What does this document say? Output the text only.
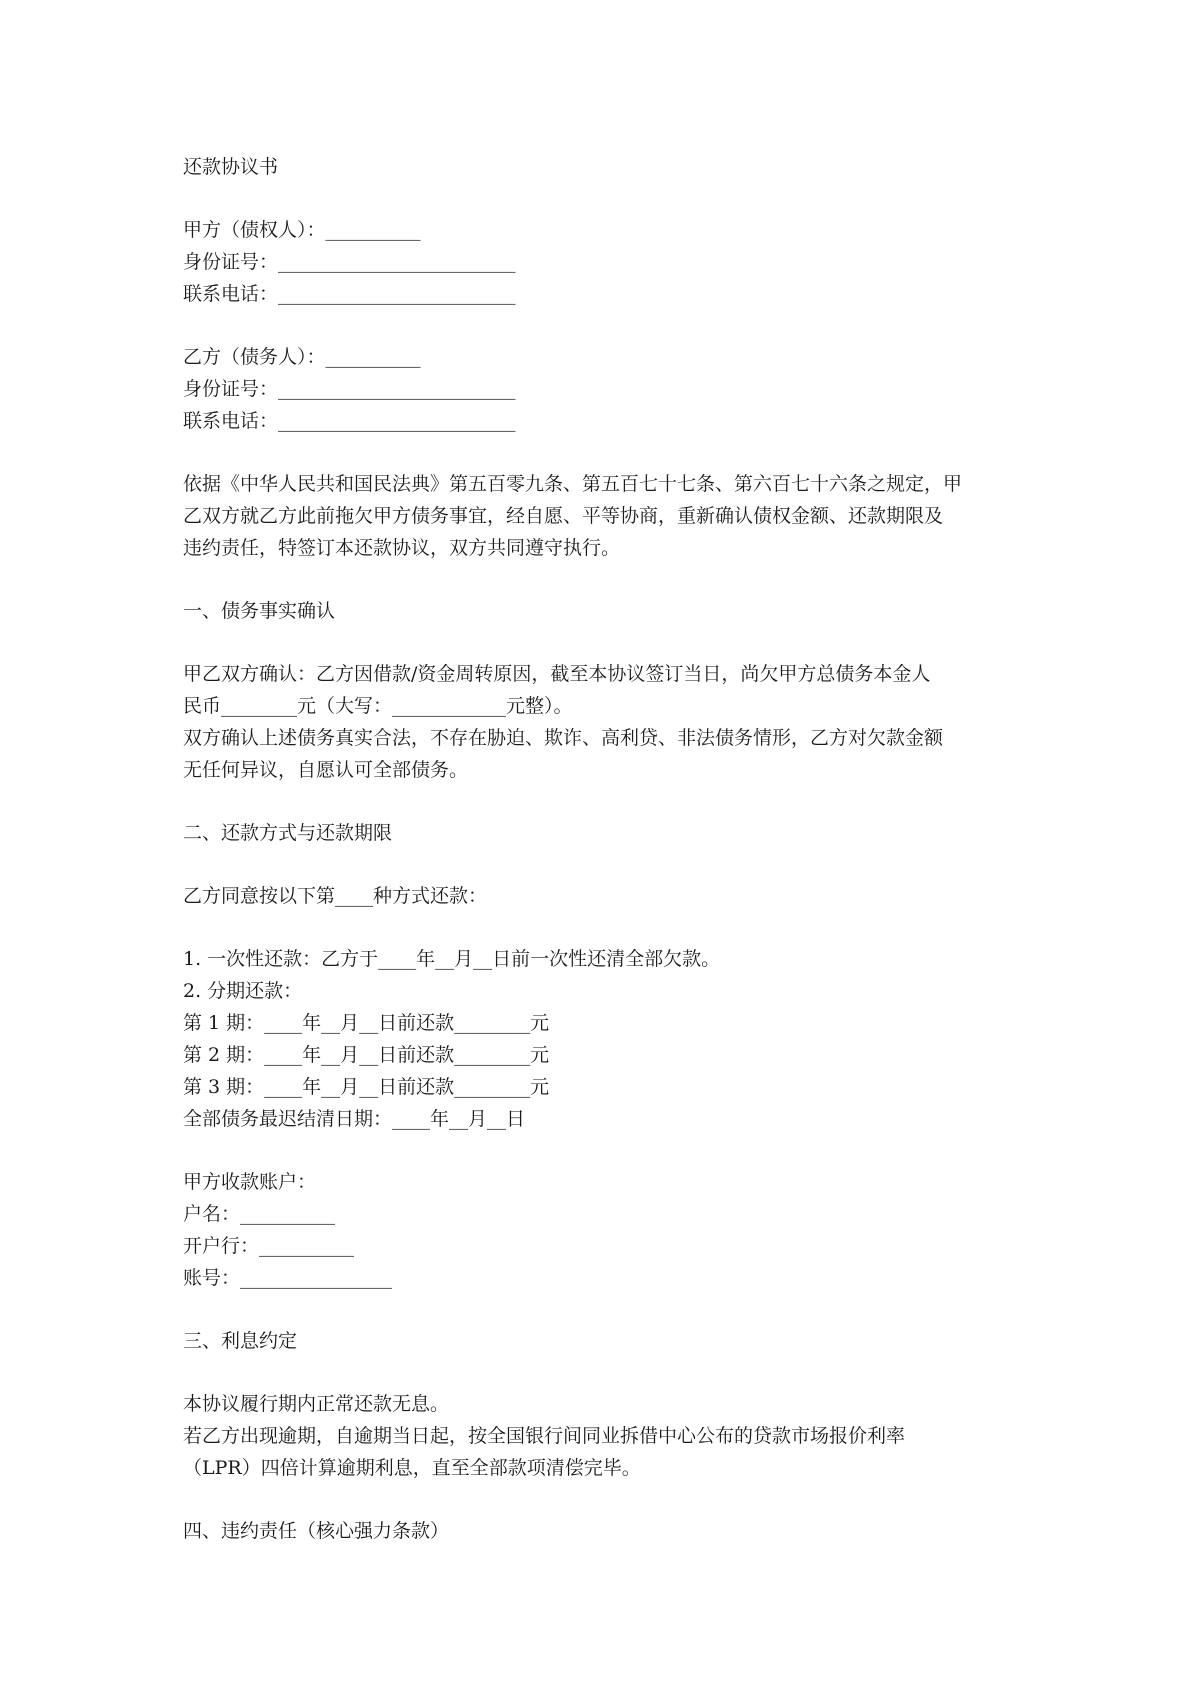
还款协议书
甲方（债权人）：__________
身份证号：_________________________
联系电话：_________________________
乙方（债务人）：__________
身份证号：_________________________
联系电话：_________________________
依据《中华人民共和国民法典》第五百零九条、第五百七十七条、第六百七十六条之规定，甲
乙双方就乙方此前拖欠甲方债务事宜，经自愿、平等协商，重新确认债权金额、还款期限及
违约责任，特签订本还款协议，双方共同遵守执行。
一、债务事实确认
甲乙双方确认：乙方因借款/资金周转原因，截至本协议签订当日，尚欠甲方总债务本金人
民币________元（大写：____________元整）。
双方确认上述债务真实合法，不存在胁迫、欺诈、高利贷、非法债务情形，乙方对欠款金额
无任何异议，自愿认可全部债务。
二、还款方式与还款期限
乙方同意按以下第____种方式还款：
1. 一次性还款：乙方于____年__月__日前一次性还清全部欠款。
2. 分期还款：
第 1 期：____年__月__日前还款________元
第 2 期：____年__月__日前还款________元
第 3 期：____年__月__日前还款________元
全部债务最迟结清日期：____年__月__日
甲方收款账户：
户名：__________
开户行：__________
账号：________________
三、利息约定
本协议履行期内正常还款无息。
若乙方出现逾期，自逾期当日起，按全国银行间同业拆借中心公布的贷款市场报价利率
（LPR）四倍计算逾期利息，直至全部款项清偿完毕。
四、违约责任（核心强力条款）
